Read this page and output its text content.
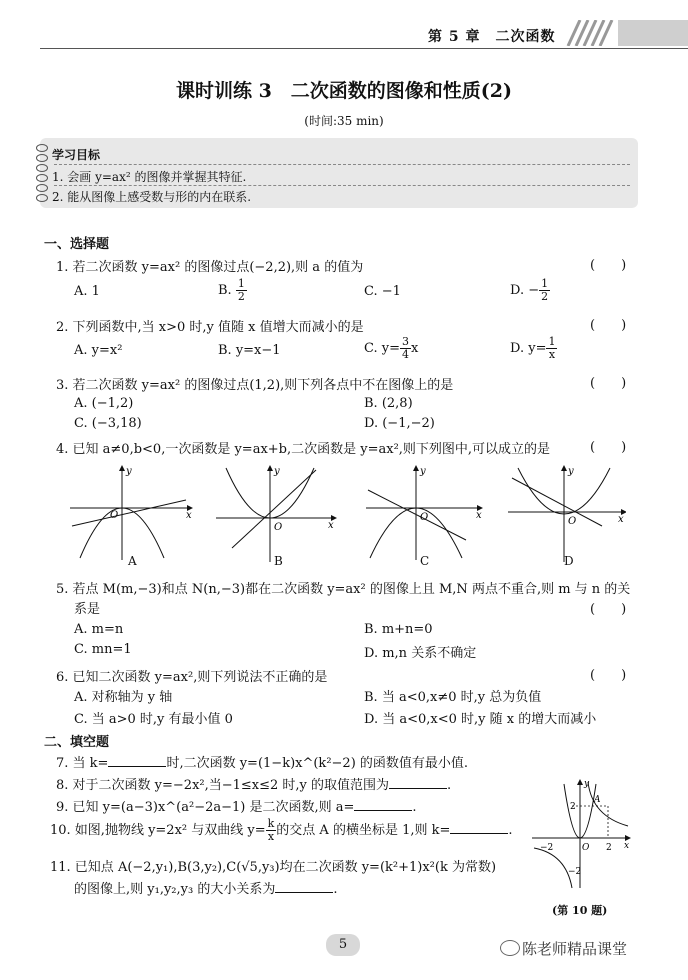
第 5 章　二次函数
课时训练 3　二次函数的图像和性质(2)
(时间:35 min)
学习目标
1. 会画 y=ax² 的图像并掌握其特征.
2. 能从图像上感受数与形的内在联系.
一、选择题
1. 若二次函数 y=ax² 的图像过点(−2,2),则 a 的值为	(　　)
A. 1	B. $\frac{1}{2}$	C. −1	D. − $\frac{1}{2}$
2. 下列函数中,当 x>0 时,y 值随 x 值增大而减小的是	(　　)
A. y=x²	B. y=x−1	C. $y= \frac{3}{4}$ x	D. $y= \frac{1}{x}$
3. 若二次函数 y=ax² 的图像过点(1,2),则下列各点中不在图像上的是	(　　)
A. (−1,2)	B. (2,8)
C. (−3,18)	D. (−1,−2)
4. 已知 a≠0,b<0,一次函数是 y=ax+b,二次函数是 y=ax²,则下列图中,可以成立的是	(　　)
x
y
O
x
y
O
x
y
O	x
y
O
A	B	C	D
5. 若点 M(m,−3)和点 N(n,−3)都在二次函数 y=ax² 的图像上且 M,N 两点不重合,则 m 与 n 的关
系是	(　　)
A. m=n	B. m+n=0
C. mn=1	D. m,n 关系不确定
6. 已知二次函数 y=ax²,则下列说法不正确的是	(　　)
A. 对称轴为 y 轴	B. 当 a<0,x≠0 时,y 总为负值
C. 当 a>0 时,y 有最小值 0	D. 当 a<0,x<0 时,y 随 x 的增大而减小
二、填空题
7. 当 k=	时,二次函数 y=(1−k)x^(k²−2) 的函数值有最小值.
8. 对于二次函数 y=−2x²,当−1≤x≤2 时,y 的取值范围为	.
9. 已知 y=(a−3)x^(a²−2a−1) 是二次函数,则 a=	.
10. 如图,抛物线 y=2x² 与双曲线 $y= \frac{k}{x}$ 的交点 A 的横坐标是 1,则 k=	.
11. 已知点 A(−2,y₁),B(3,y₂),C(√5,y₃)均在二次函数 y=(k²+1)x²(k 为常数)
的图像上,则 y₁,y₂,y₃ 的大小关系为	.
x
y
2
−2	2
−2
A
O
(第 10 题)
5	陈老师精品课堂
